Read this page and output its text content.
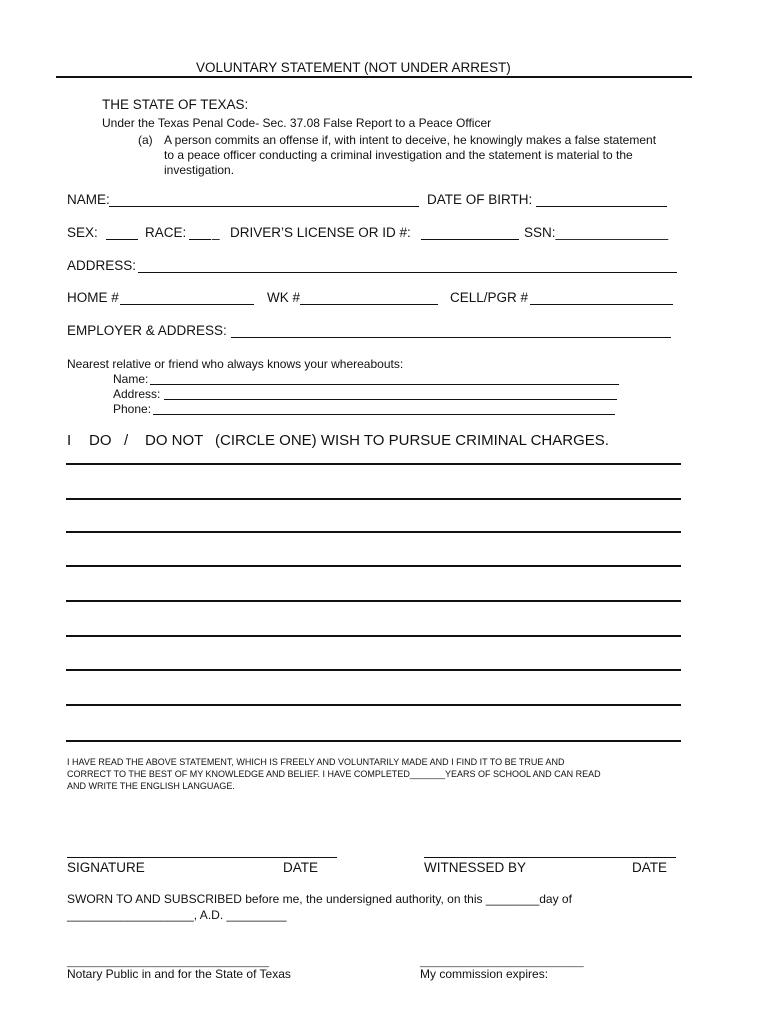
VOLUNTARY STATEMENT (NOT UNDER ARREST)
THE STATE OF TEXAS:
Under the Texas Penal Code- Sec. 37.08 False Report to a Peace Officer
(a) A person commits an offense if, with intent to deceive, he knowingly makes a false statement
to a peace officer conducting a criminal investigation and the statement is material to the
investigation.
NAME:	DATE OF BIRTH:
SEX:	RACE: _ DRIVER’S LICENSE OR ID #:	SSN:_______________
ADDRESS:
HOME #	WK #	CELL/PGR #
EMPLOYER & ADDRESS:
Nearest relative or friend who always knows your whereabouts:
Name:
Address:
Phone:
I DO / DO NOT (CIRCLE ONE) WISH TO PURSUE CRIMINAL CHARGES.
I HAVE READ THE ABOVE STATEMENT, WHICH IS FREELY AND VOLUNTARILY MADE AND I FIND IT TO BE TRUE AND
CORRECT TO THE BEST OF MY KNOWLEDGE AND BELIEF. I HAVE COMPLETED_______YEARS OF SCHOOL AND CAN READ
AND WRITE THE ENGLISH LANGUAGE.
SIGNATURE	DATE	WITNESSED BY	DATE
SWORN TO AND SUBSCRIBED before me, the undersigned authority, on this ________day of
___________________, A.D. _________
__________________________________________	__________________________________
Notary Public in and for the State of Texas	My commission expires:
